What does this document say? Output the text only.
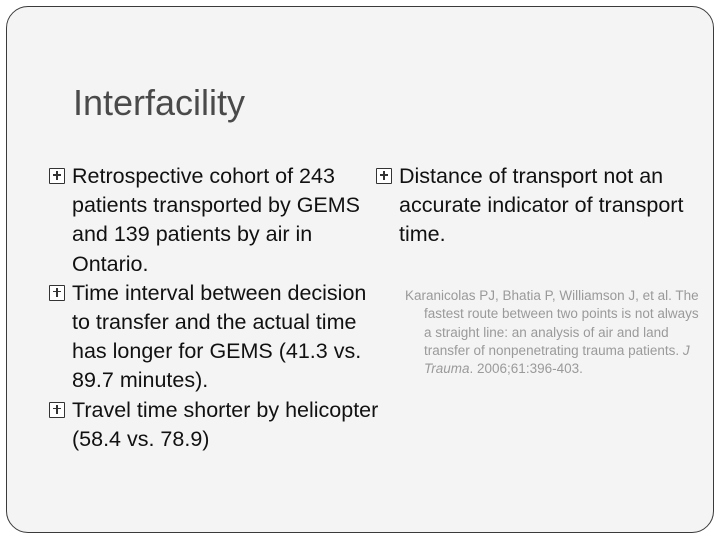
Interfacility
Retrospective cohort of 243 patients transported by GEMS and 139 patients by air in Ontario.
Time interval between decision to transfer and the actual time has longer for GEMS (41.3 vs. 89.7 minutes).
Travel time shorter by helicopter (58.4 vs. 78.9)
Distance of transport not an accurate indicator of transport time.

Karanicolas PJ, Bhatia P, Williamson J, et al. The fastest route between two points is not always a straight line: an analysis of air and land transfer of nonpenetrating trauma patients. J Trauma. 2006;61:396-403.
